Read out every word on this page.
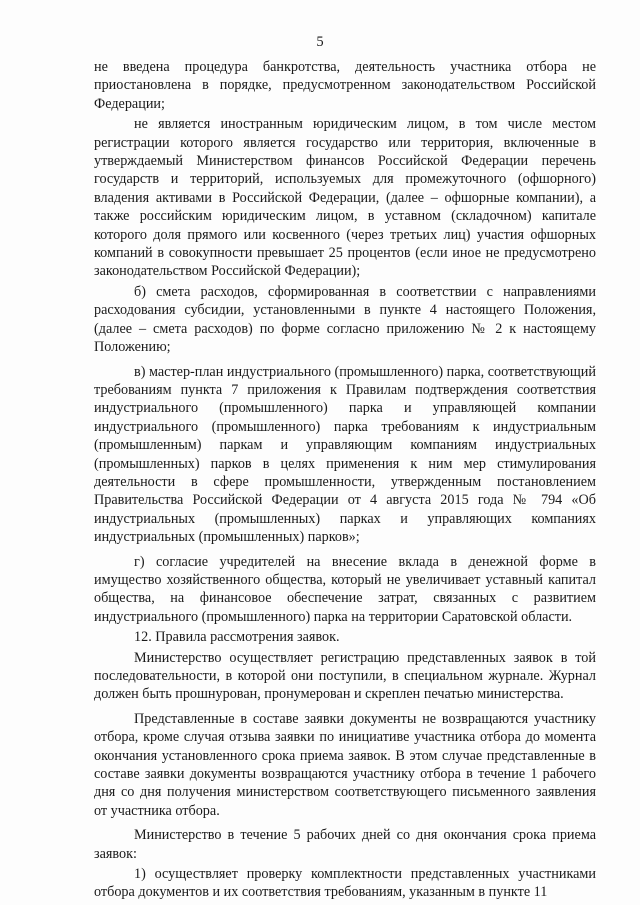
5

не введена процедура банкротства, деятельность участника отбора не приостановлена в порядке, предусмотренном законодательством Российской Федерации;

не является иностранным юридическим лицом, в том числе местом регистрации которого является государство или территория, включенные в утверждаемый Министерством финансов Российской Федерации перечень государств и территорий, используемых для промежуточного (офшорного) владения активами в Российской Федерации, (далее – офшорные компании), а также российским юридическим лицом, в уставном (складочном) капитале которого доля прямого или косвенного (через третьих лиц) участия офшорных компаний в совокупности превышает 25 процентов (если иное не предусмотрено законодательством Российской Федерации);

б) смета расходов, сформированная в соответствии с направлениями расходования субсидии, установленными в пункте 4 настоящего Положения, (далее – смета расходов) по форме согласно приложению № 2 к настоящему Положению;

в) мастер-план индустриального (промышленного) парка, соответствующий требованиям пункта 7 приложения к Правилам подтверждения соответствия индустриального (промышленного) парка и управляющей компании индустриального (промышленного) парка требованиям к индустриальным (промышленным) паркам и управляющим компаниям индустриальных (промышленных) парков в целях применения к ним мер стимулирования деятельности в сфере промышленности, утвержденным постановлением Правительства Российской Федерации от 4 августа 2015 года № 794 «Об индустриальных (промышленных) парках и управляющих компаниях индустриальных (промышленных) парков»;

г) согласие учредителей на внесение вклада в денежной форме в имущество хозяйственного общества, который не увеличивает уставный капитал общества, на финансовое обеспечение затрат, связанных с развитием индустриального (промышленного) парка на территории Саратовской области.

12. Правила рассмотрения заявок.

Министерство осуществляет регистрацию представленных заявок в той последовательности, в которой они поступили, в специальном журнале. Журнал должен быть прошнурован, пронумерован и скреплен печатью министерства.

Представленные в составе заявки документы не возвращаются участнику отбора, кроме случая отзыва заявки по инициативе участника отбора до момента окончания установленного срока приема заявок. В этом случае представленные в составе заявки документы возвращаются участнику отбора в течение 1 рабочего дня со дня получения министерством соответствующего письменного заявления от участника отбора.

Министерство в течение 5 рабочих дней со дня окончания срока приема заявок:

1) осуществляет проверку комплектности представленных участниками отбора документов и их соответствия требованиям, указанным в пункте 11
